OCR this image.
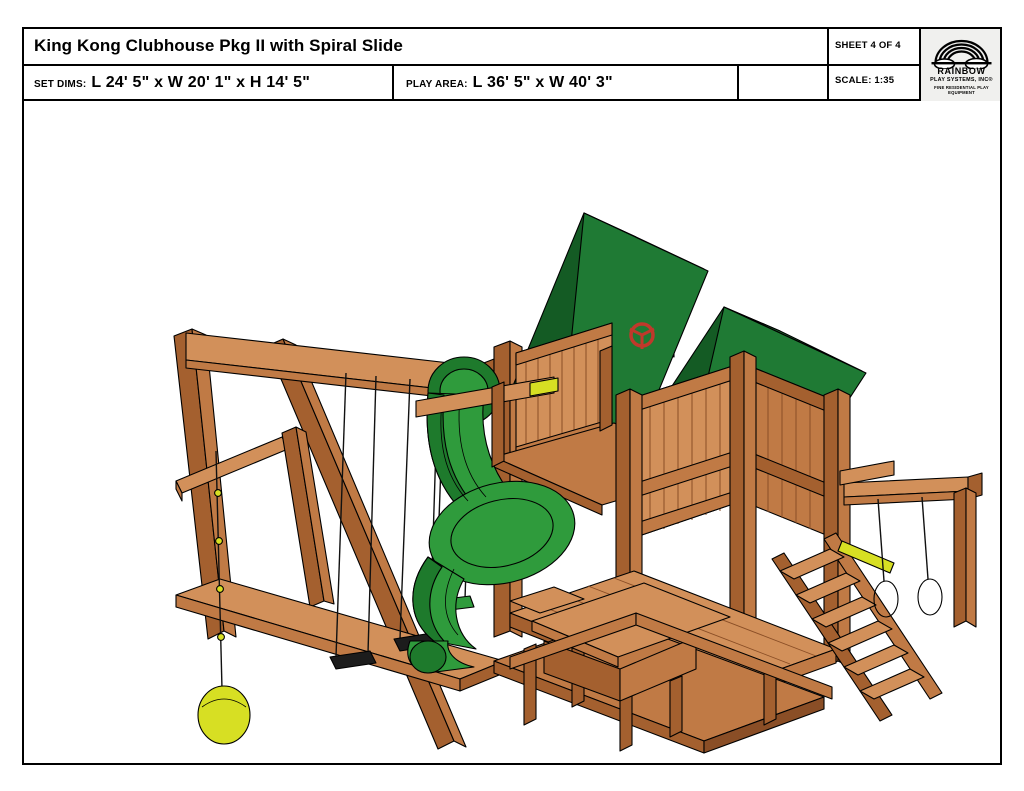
King Kong Clubhouse Pkg II with Spiral Slide	SHEET 4 OF 4
SCALE: 1:35
RAINBOW
PLAY SYSTEMS, INC®
FINE RESIDENTIAL PLAY EQUIPMENT
SET DIMS: L 24' 5" x W 20' 1" x H 14' 5"	PLAY AREA: L 36' 5" x W 40' 3"
